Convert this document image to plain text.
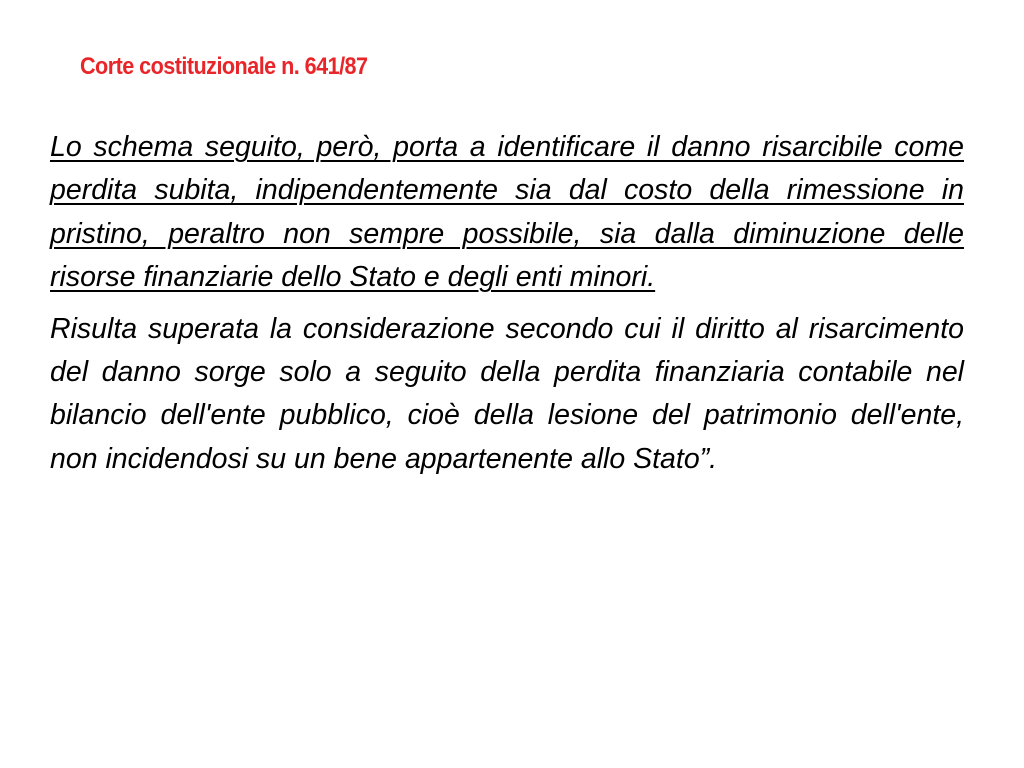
Corte costituzionale n. 641/87

Lo schema seguito, però, porta a identificare il danno risarcibile come perdita subita, indipendentemente sia dal costo della rimessione in pristino, peraltro non sempre possibile, sia dalla diminuzione delle risorse finanziarie dello Stato e degli enti minori.

Risulta superata la considerazione secondo cui il diritto al risarcimento del danno sorge solo a seguito della perdita finanziaria contabile nel bilancio dell'ente pubblico, cioè della lesione del patrimonio dell'ente, non incidendosi su un bene appartenente allo Stato”.
